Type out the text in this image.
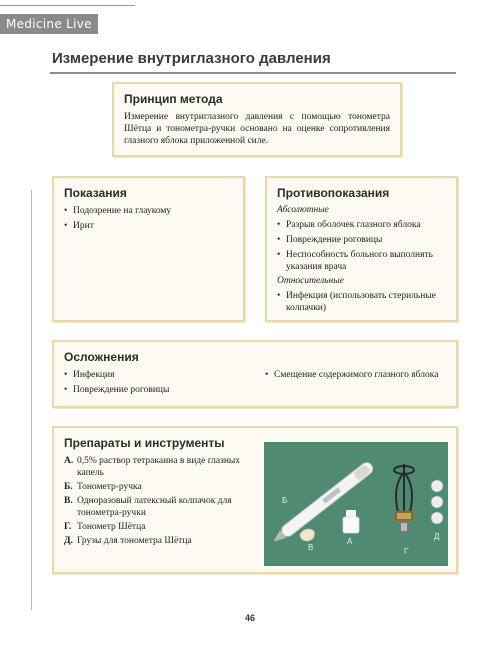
Medicine Live
Измерение внутриглазного давления
Принцип метода

Измерение внутриглазного давления с помощью тонометра Шётца и тонометра-ручки основано на оценке сопротивления глазного яблока приложенной силе.

Показания
• Подозрение на глаукому
• Ирит
Противопоказания
Абсолютные
• Разрыв оболочек глазного яблока
• Повреждение роговицы
• Неспособность больного выполнять указания врача
Относительные
• Инфекция (использовать стерильные колпачки)
Осложнения
• Инфекция
• Повреждение роговицы
• Смещение содержимого глазного яблока
Препараты и инструменты
А. 0,5% раствор тетракаина в виде глазных капель
Б. Тонометр-ручка
В. Одноразовый латексный колпачок для тонометра-ручки
Г. Тонометр Шётца
Д. Грузы для тонометра Шётца
Б
В
А
Г
Д
46
